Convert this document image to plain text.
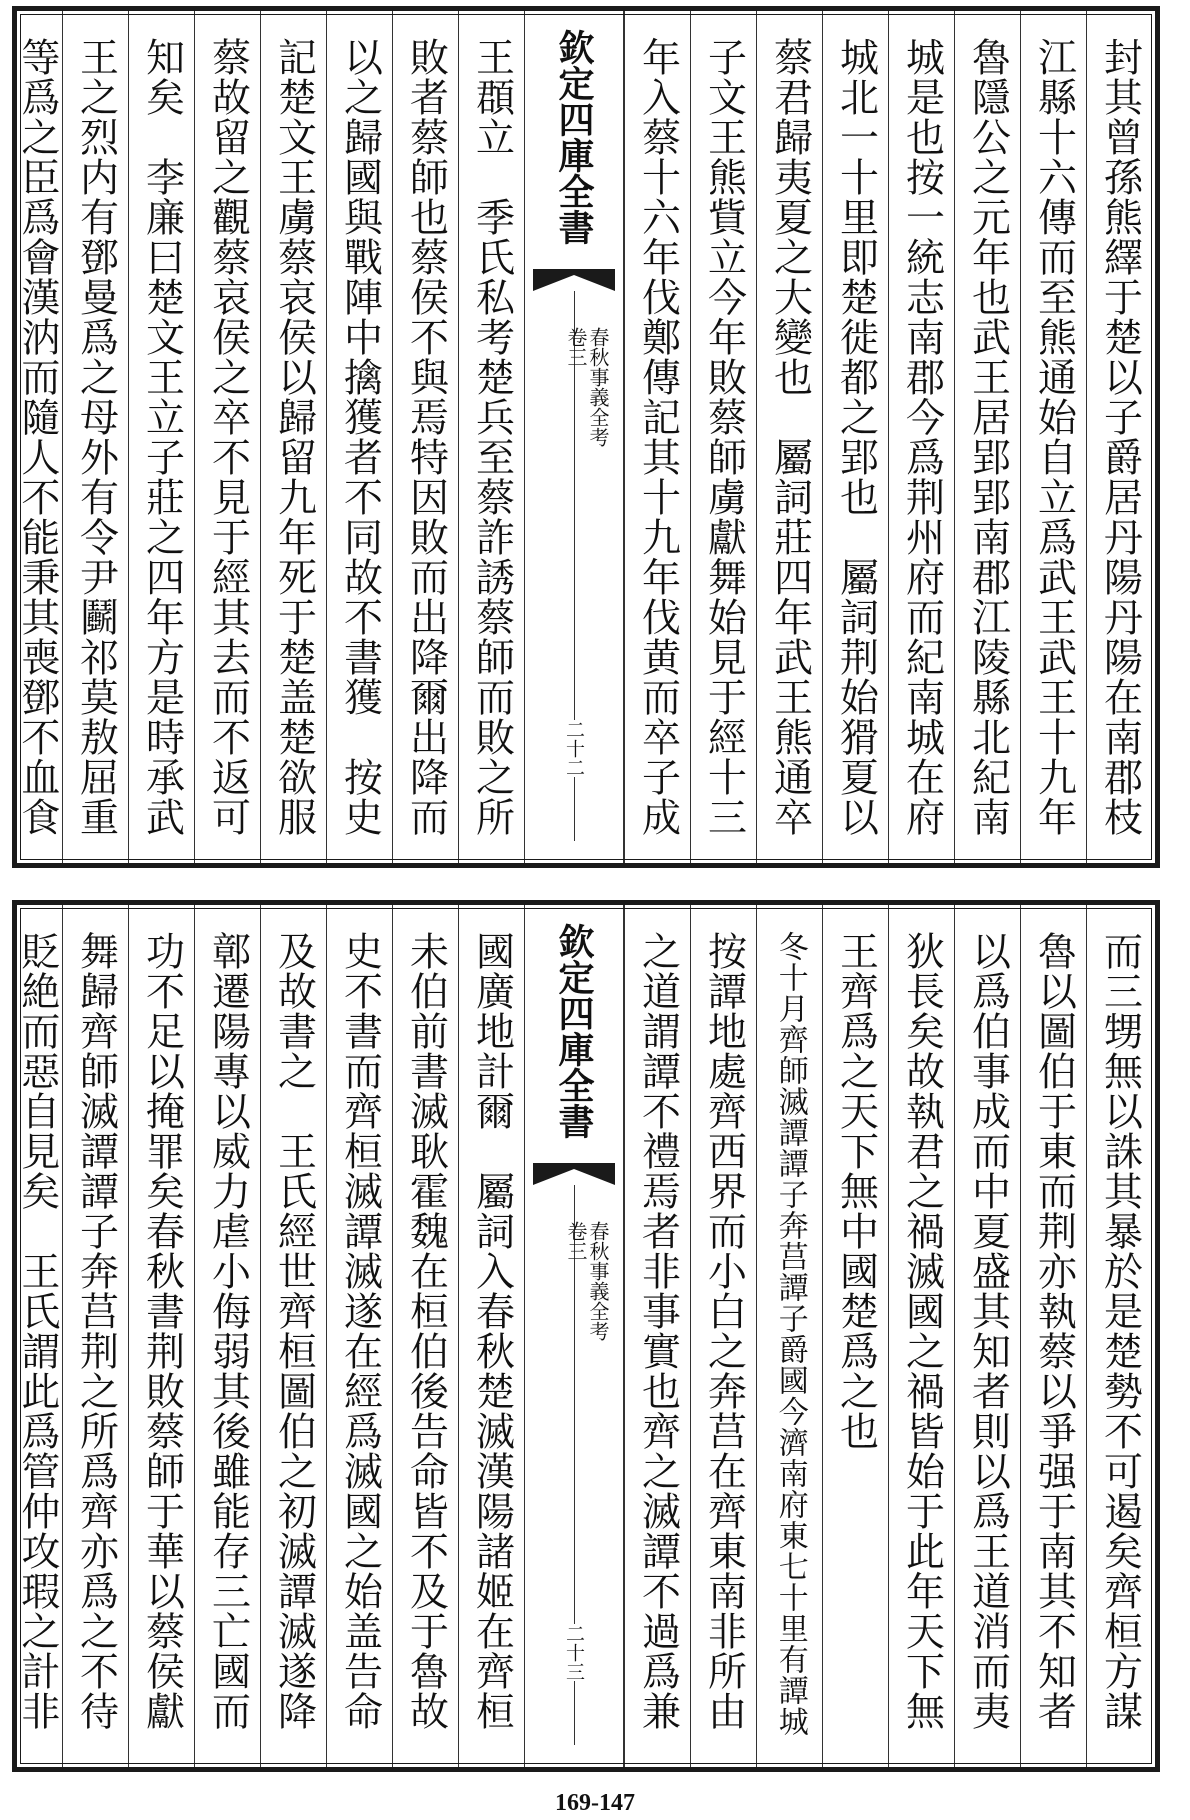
封其曾孫熊繹于楚以子爵居丹陽丹陽在南郡枝
江縣十六傳而至熊通始自立爲武王武王十九年
魯隱公之元年也武王居郢郢南郡江陵縣北紀南
城是也按一統志南郡今爲荆州府而紀南城在府
城北一十里即楚徙都之郢也　屬詞荆始猾夏以
蔡君歸夷夏之大變也　屬詞莊四年武王熊通卒
子文王熊貲立今年敗蔡師虜獻舞始見于經十三
年入蔡十六年伐鄭傳記其十九年伐黄而卒子成
欽定四庫全書
春秋事義全考
卷三
二十二
王頵立　季氏私考楚兵至蔡詐誘蔡師而敗之所
敗者蔡師也蔡侯不與焉特因敗而出降爾出降而
以之歸國與戰陣中擒獲者不同故不書獲　按史
記楚文王虜蔡哀侯以歸留九年死于楚盖楚欲服
蔡故留之觀蔡哀侯之卒不見于經其去而不返可
知矣　李廉曰楚文王立子莊之四年方是時承武
王之烈内有鄧曼爲之母外有令尹鬬祁莫敖屈重
等爲之臣爲會漢汭而隨人不能秉其喪鄧不血食
而三甥無以誅其暴於是楚勢不可遏矣齊桓方謀
魯以圖伯于東而荆亦執蔡以爭强于南其不知者
以爲伯事成而中夏盛其知者則以爲王道消而夷
狄長矣故執君之禍滅國之禍皆始于此年天下無
王齊爲之天下無中國楚爲之也
冬十月齊師滅譚譚子奔莒譚子爵國今濟南府東七十里有譚城
按譚地處齊西界而小白之奔莒在齊東南非所由
之道謂譚不禮焉者非事實也齊之滅譚不過爲兼
欽定四庫全書
春秋事義全考
卷三
二十三
國廣地計爾　屬詞入春秋楚滅漢陽諸姬在齊桓
未伯前書滅耿霍魏在桓伯後告命皆不及于魯故
史不書而齊桓滅譚滅遂在經爲滅國之始盖告命
及故書之　王氏經世齊桓圖伯之初滅譚滅遂降
鄣遷陽專以威力虐小侮弱其後雖能存三亡國而
功不足以掩罪矣春秋書荆敗蔡師于華以蔡侯獻
舞歸齊師滅譚譚子奔莒荆之所爲齊亦爲之不待
貶絶而惡自見矣　王氏謂此爲管仲攻瑕之計非
169-147
